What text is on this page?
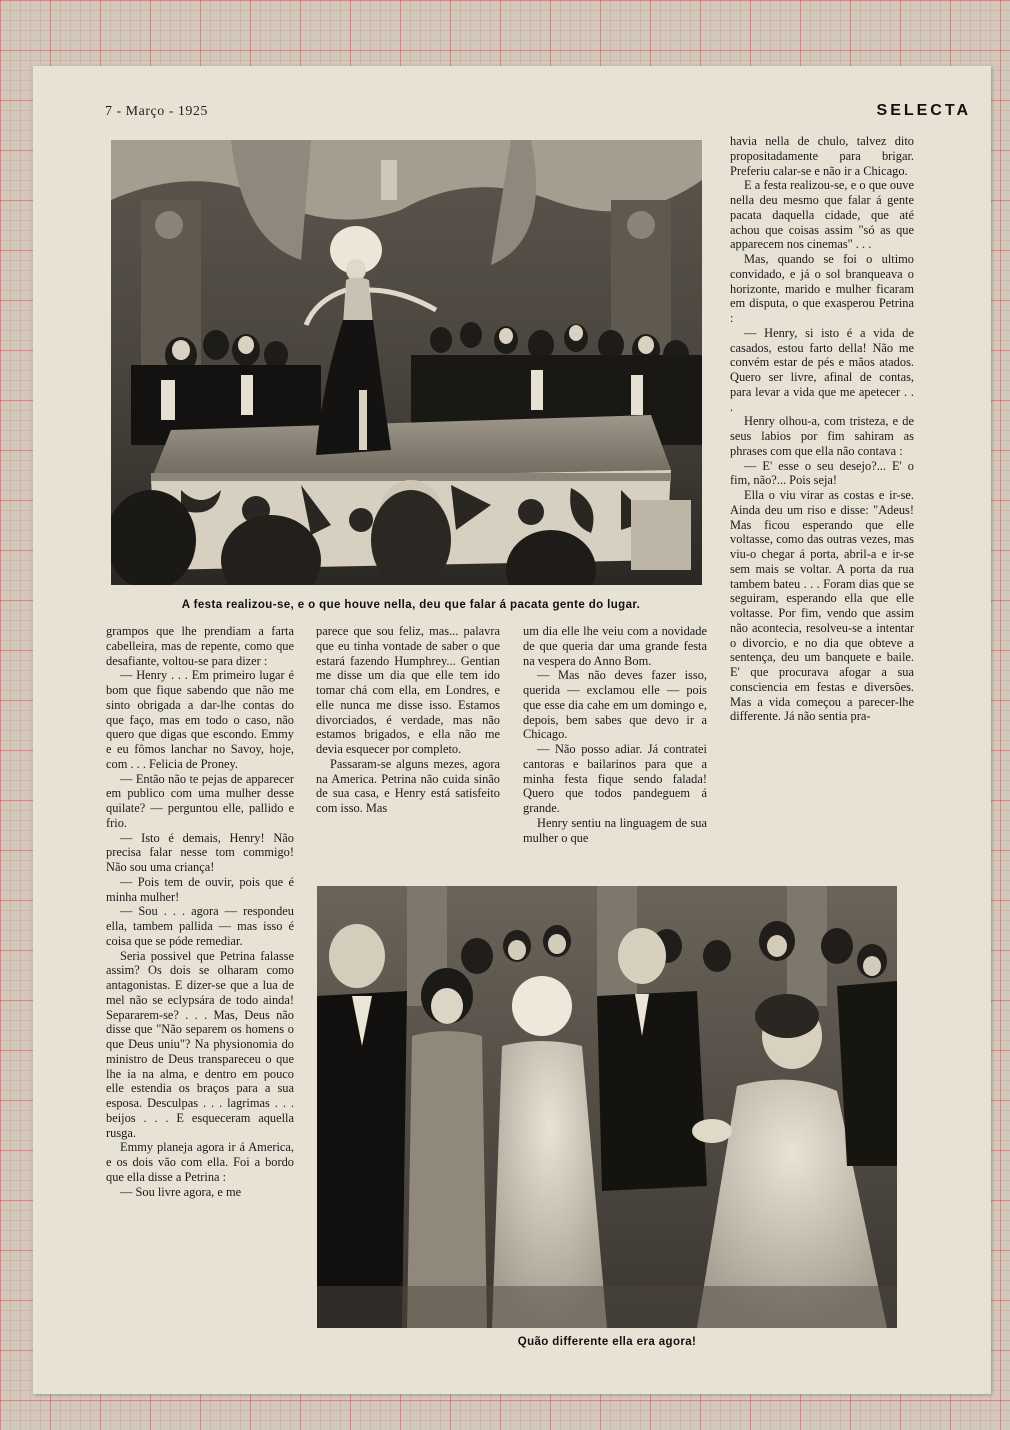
7 - Março - 1925	SELECTA
A festa realizou-se, e o que houve nella, deu que falar á pacata gente do lugar.

havia nella de chulo, talvez dito propositadamente para brigar. Preferiu calar-se e não ir a Chicago.

E a festa realizou-se, e o que ouve nella deu mesmo que falar á gente pacata daquella cidade, que até achou que coisas assim "só as que apparecem nos cinemas" . . .

Mas, quando se foi o ultimo convidado, e já o sol branqueava o horizonte, marido e mulher ficaram em disputa, o que exasperou Petrina :

— Henry, si isto é a vida de casados, estou farto della! Não me convém estar de pés e mãos atados. Quero ser livre, afinal de contas, para levar a vida que me apetecer . . .

Henry olhou-a, com tristeza, e de seus labios por fim sahiram as phrases com que ella não contava :

— E' esse o seu desejo?... E' o fim, não?... Pois seja!

Ella o viu virar as costas e ir-se. Ainda deu um riso e disse: "Adeus! Mas ficou esperando que elle voltasse, como das outras vezes, mas viu-o chegar á porta, abril-a e ir-se sem mais se voltar. A porta da rua tambem bateu . . . Foram dias que se seguiram, esperando ella que elle voltasse. Por fim, vendo que assim não acontecia, resolveu-se a intentar o divorcio, e no dia que obteve a sentença, deu um banquete e baile. E' que procurava afogar a sua consciencia em festas e diversões. Mas a vida começou a parecer-lhe differente. Já não sentia pra-

grampos que lhe prendiam a farta cabelleira, mas de repente, como que desafiante, voltou-se para dizer :

— Henry . . . Em primeiro lugar é bom que fique sabendo que não me sinto obrigada a dar-lhe contas do que faço, mas em todo o caso, não quero que digas que escondo. Emmy e eu fômos lanchar no Savoy, hoje, com . . . Felicia de Proney.

— Então não te pejas de apparecer em publico com uma mulher desse quilate? — perguntou elle, pallido e frio.

— Isto é demais, Henry! Não precisa falar nesse tom commigo! Não sou uma criança!

— Pois tem de ouvir, pois que é minha mulher!

— Sou . . . agora — respondeu ella, tambem pallida — mas isso é coisa que se póde remediar.

Seria possivel que Petrina falasse assim? Os dois se olharam como antagonistas. E dizer-se que a lua de mel não se eclypsára de todo ainda! Separarem-se? . . . Mas, Deus não disse que "Não separem os homens o que Deus uniu"? Na physionomia do ministro de Deus transpareceu o que lhe ia na alma, e dentro em pouco elle estendia os braços para a sua esposa. Desculpas . . . lagrimas . . . beijos . . . E esqueceram aquella rusga.

Emmy planeja agora ir á America, e os dois vão com ella. Foi a bordo que ella disse a Petrina :

— Sou livre agora, e me

parece que sou feliz, mas... palavra que eu tinha vontade de saber o que estará fazendo Humphrey... Gentian me disse um dia que elle tem ido tomar chá com ella, em Londres, e elle nunca me disse isso. Estamos divorciados, é verdade, mas não estamos brigados, e ella não me devia esquecer por completo.

Passaram-se alguns mezes, agora na America. Petrina não cuida sinão de sua casa, e Henry está satisfeito com isso. Mas

um dia elle lhe veiu com a novidade de que queria dar uma grande festa na vespera do Anno Bom.

— Mas não deves fazer isso, querida — exclamou elle — pois que esse dia cahe em um domingo e, depois, bem sabes que devo ir a Chicago.

— Não posso adiar. Já contratei cantoras e bailarinos para que a minha festa fique sendo falada! Quero que todos pandeguem á grande.

Henry sentiu na linguagem de sua mulher o que

Quão differente ella era agora!
